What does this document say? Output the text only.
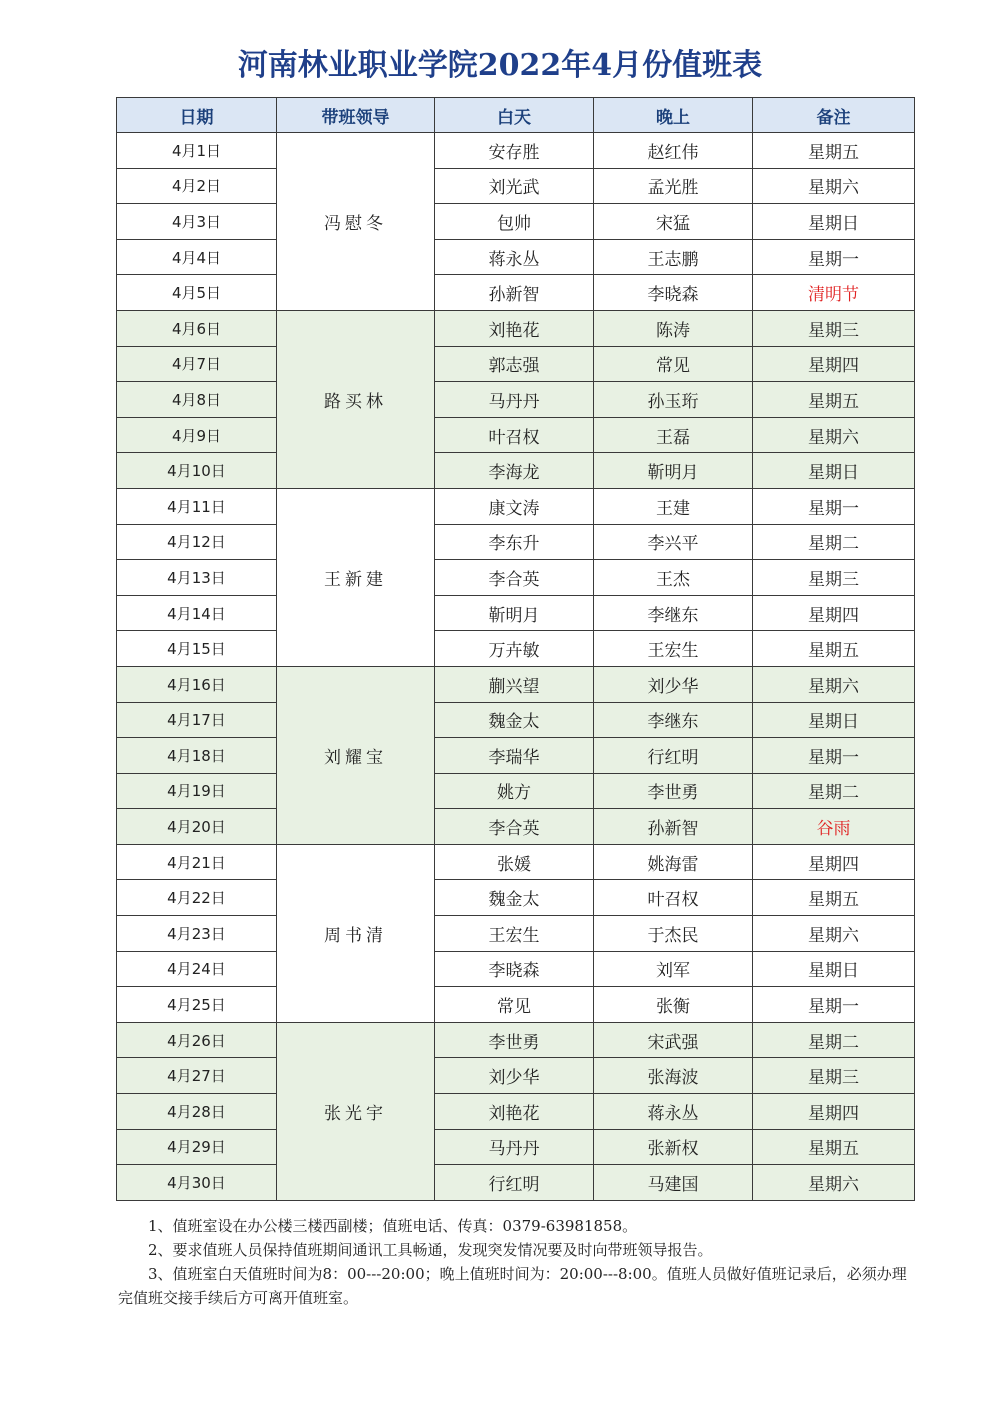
河南林业职业学院2022年4月份值班表
日期	带班领导	白天	晚上	备注
4月1日	冯慰冬	安存胜	赵红伟	星期五
4月2日		刘光武	孟光胜	星期六
4月3日		包帅	宋猛	星期日
4月4日		蒋永丛	王志鹏	星期一
4月5日		孙新智	李晓森	清明节
4月6日	路买林	刘艳花	陈涛	星期三
4月7日		郭志强	常见	星期四
4月8日		马丹丹	孙玉珩	星期五
4月9日		叶召权	王磊	星期六
4月10日		李海龙	靳明月	星期日
4月11日	王新建	康文涛	王建	星期一
4月12日		李东升	李兴平	星期二
4月13日		李合英	王杰	星期三
4月14日		靳明月	李继东	星期四
4月15日		万卉敏	王宏生	星期五
4月16日	刘耀宝	蒯兴望	刘少华	星期六
4月17日		魏金太	李继东	星期日
4月18日		李瑞华	行红明	星期一
4月19日		姚方	李世勇	星期二
4月20日		李合英	孙新智	谷雨
4月21日	周书清	张媛	姚海雷	星期四
4月22日		魏金太	叶召权	星期五
4月23日		王宏生	于杰民	星期六
4月24日		李晓森	刘军	星期日
4月25日		常见	张衡	星期一
4月26日	张光宇	李世勇	宋武强	星期二
4月27日		刘少华	张海波	星期三
4月28日		刘艳花	蒋永丛	星期四
4月29日		马丹丹	张新权	星期五
4月30日		行红明	马建国	星期六

1、值班室设在办公楼三楼西副楼；值班电话、传真：0379-63981858。

2、要求值班人员保持值班期间通讯工具畅通，发现突发情况要及时向带班领导报告。

3、值班室白天值班时间为8：00---20:00；晚上值班时间为：20:00---8:00。值班人员做好值班记录后，必须办理完值班交接手续后方可离开值班室。
